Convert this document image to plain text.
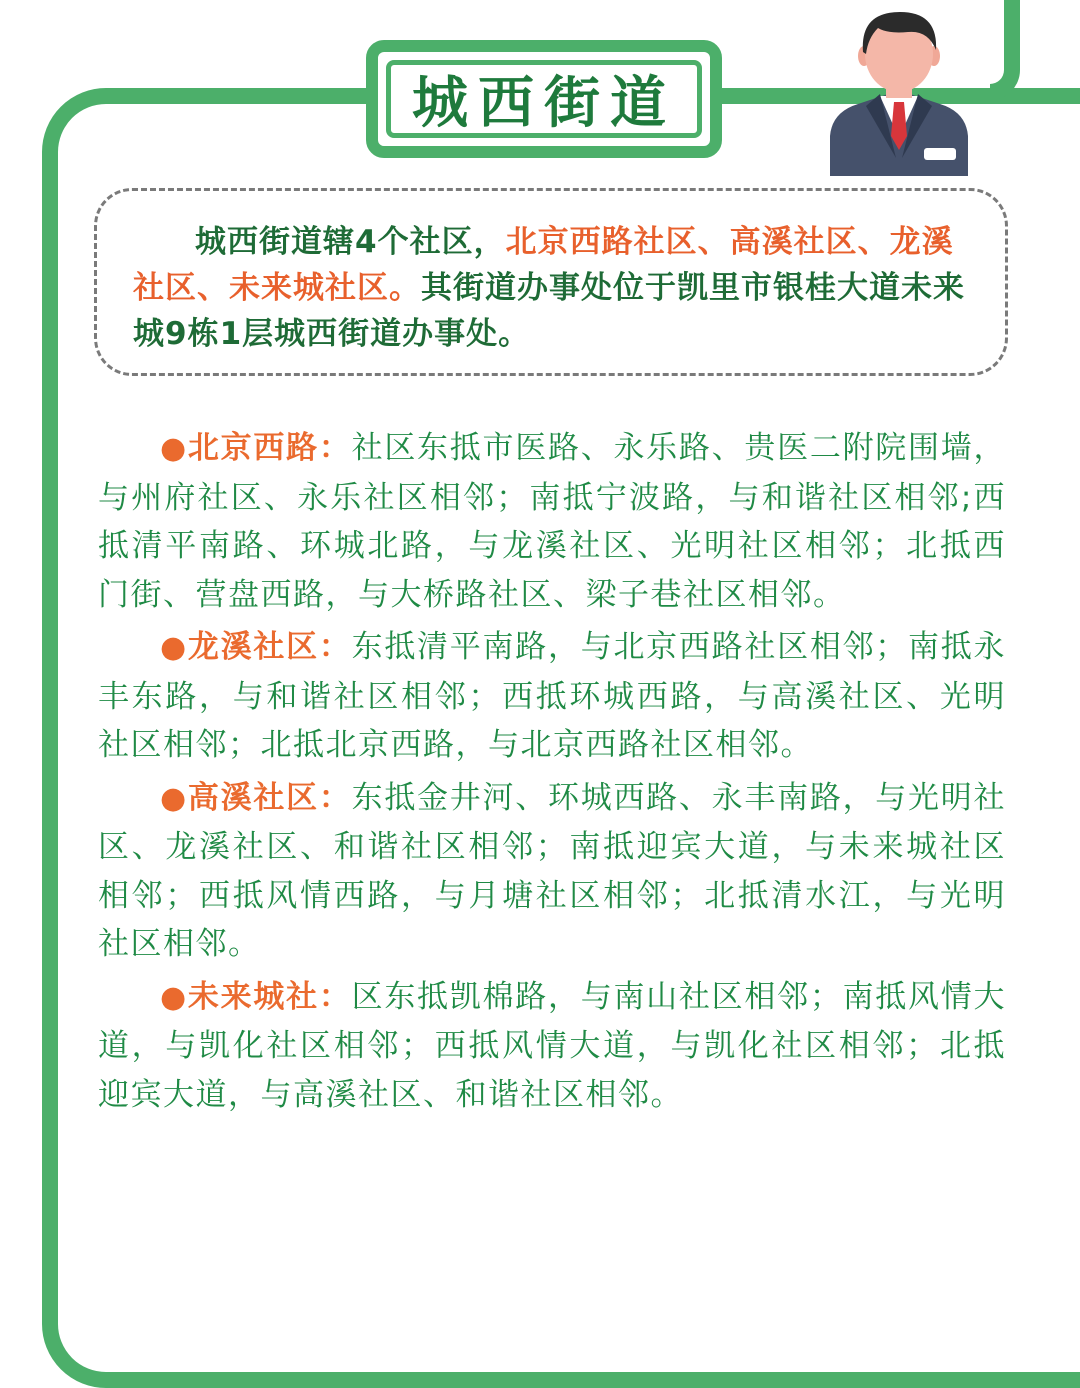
城西街道

城西街道辖4个社区，北京西路社区、高溪社区、龙溪社区、未来城社区。其街道办事处位于凯里市银桂大道未来城9栋1层城西街道办事处。

●北京西路：社区东抵市医路、永乐路、贵医二附院围墙，与州府社区、永乐社区相邻；南抵宁波路，与和谐社区相邻;西抵清平南路、环城北路，与龙溪社区、光明社区相邻；北抵西门街、营盘西路，与大桥路社区、梁子巷社区相邻。

●龙溪社区：东抵清平南路，与北京西路社区相邻；南抵永丰东路，与和谐社区相邻；西抵环城西路，与高溪社区、光明社区相邻；北抵北京西路，与北京西路社区相邻。

●高溪社区：东抵金井河、环城西路、永丰南路，与光明社区、龙溪社区、和谐社区相邻；南抵迎宾大道，与未来城社区相邻；西抵风情西路，与月塘社区相邻；北抵清水江，与光明社区相邻。

●未来城社：区东抵凯棉路，与南山社区相邻；南抵风情大道，与凯化社区相邻；西抵风情大道，与凯化社区相邻；北抵迎宾大道，与高溪社区、和谐社区相邻。
